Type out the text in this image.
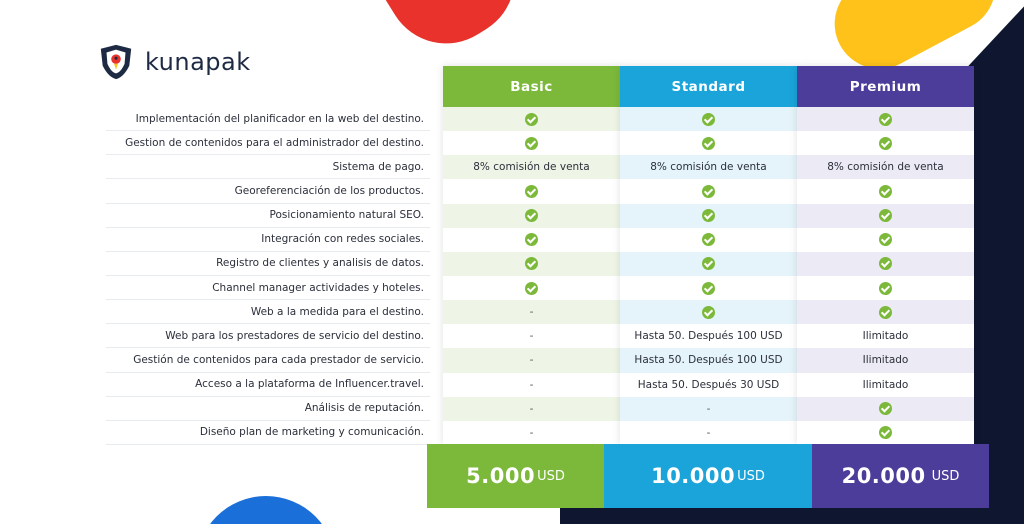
kunapak
Implementación del planificador en la web del destino.
Gestion de contenidos para el administrador del destino.
Sistema de pago.
Georeferenciación de los productos.
Posicionamiento natural SEO.
Integración con redes sociales.
Registro de clientes y analisis de datos.
Channel manager actividades y hoteles.
Web a la medida para el destino.
Web para los prestadores de servicio del destino.
Gestión de contenidos para cada prestador de servicio.
Acceso a la plataforma de Influencer.travel.
Análisis de reputación.
Diseño plan de marketing y comunicación.
Basic
8% comisión de venta
-
-
-
-
-
-
Standard
8% comisión de venta
Hasta 50. Después 100 USD
Hasta 50. Después 100 USD
Hasta 50. Después 30 USD
-
-
Premium
8% comisión de venta
Ilimitado
Ilimitado
Ilimitado
5.000 USD	10.000 USD	20.000 USD
